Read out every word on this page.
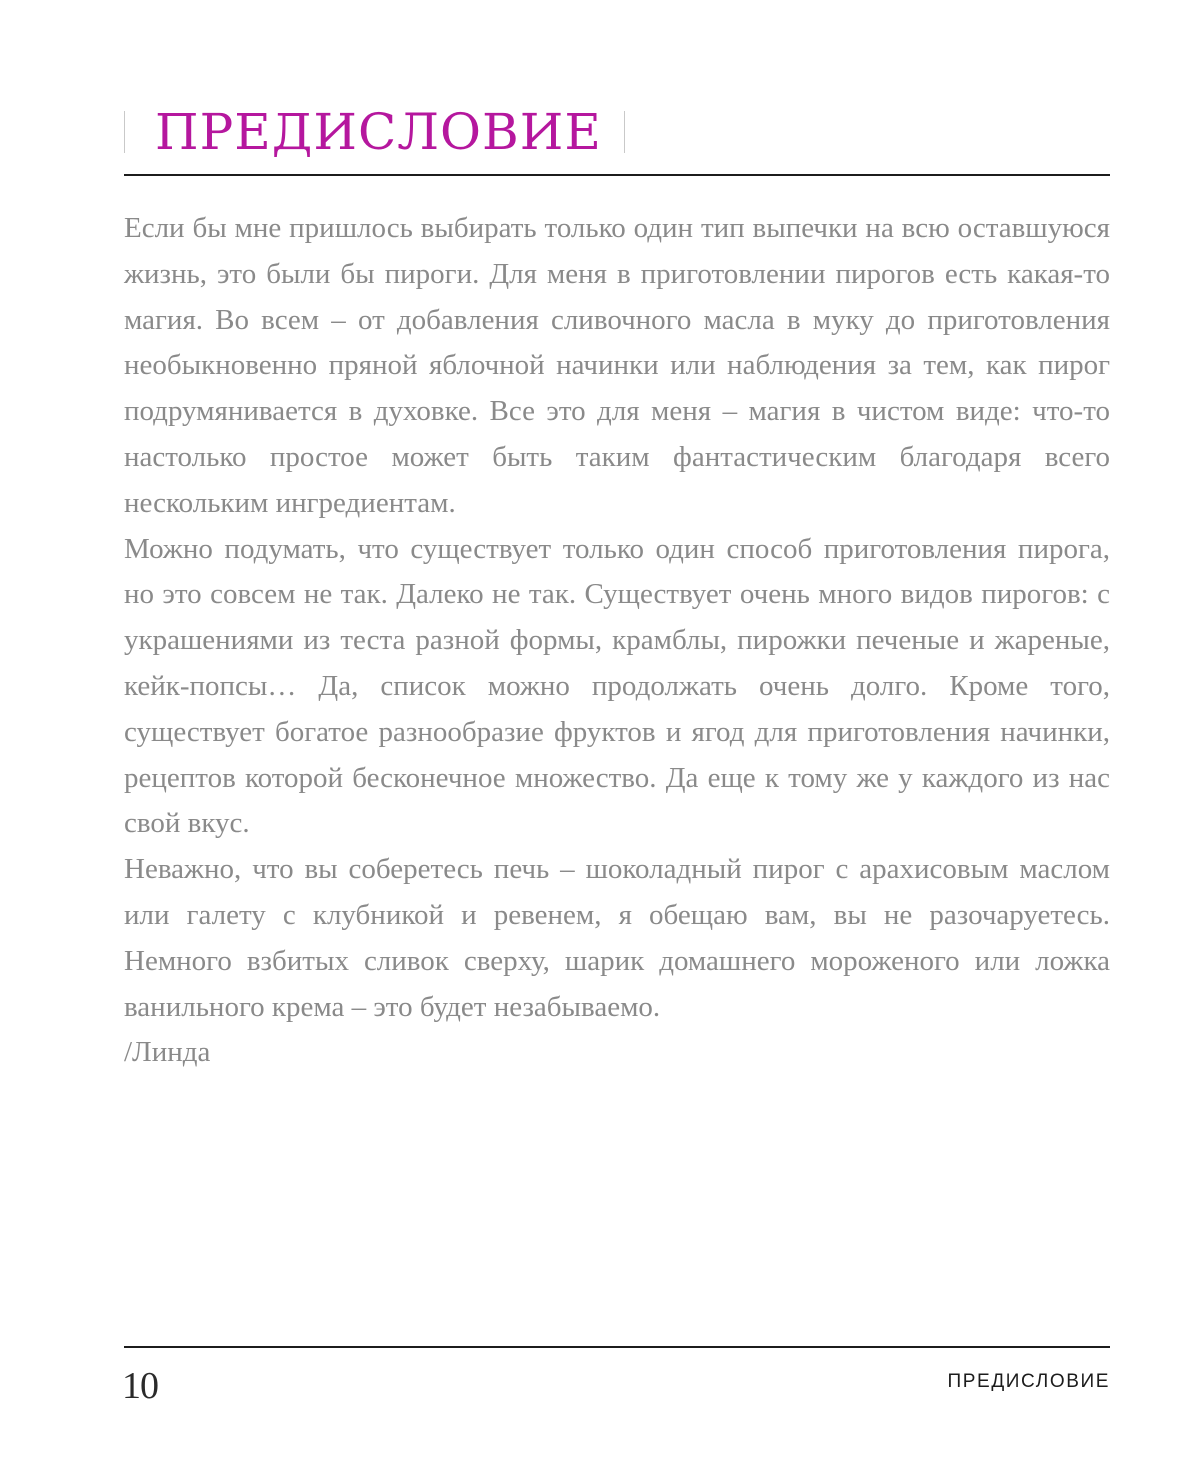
ПРЕДИСЛОВИЕ

Если бы мне пришлось выбирать только один тип выпечки на всю оставшуюся жизнь, это были бы пироги. Для меня в приготовлении пирогов есть какая-то магия. Во всем – от добавления сливочного масла в муку до приготовления необыкновенно пряной яблочной начинки или наблюдения за тем, как пирог подрумянивается в духовке. Все это для меня – магия в чистом виде: что-то настолько простое может быть таким фантастическим благодаря всего нескольким ингредиентам.

Можно подумать, что существует только один способ приготовления пирога, но это совсем не так. Далеко не так. Существует очень много видов пирогов: с украшениями из теста разной формы, крамблы, пирожки печеные и жареные, кейк-попсы… Да, список можно продолжать очень долго. Кроме того, существует богатое разнообразие фруктов и ягод для приготовления начинки, рецептов которой бесконечное множество. Да еще к тому же у каждого из нас свой вкус.

Неважно, что вы соберетесь печь – шоколадный пирог с арахисовым маслом или галету с клубникой и ревенем, я обещаю вам, вы не разочаруетесь. Немного взбитых сливок сверху, шарик домашнего мороженого или ложка ванильного крема – это будет незабываемо.

/Линда

10	ПРЕДИСЛОВИЕ
